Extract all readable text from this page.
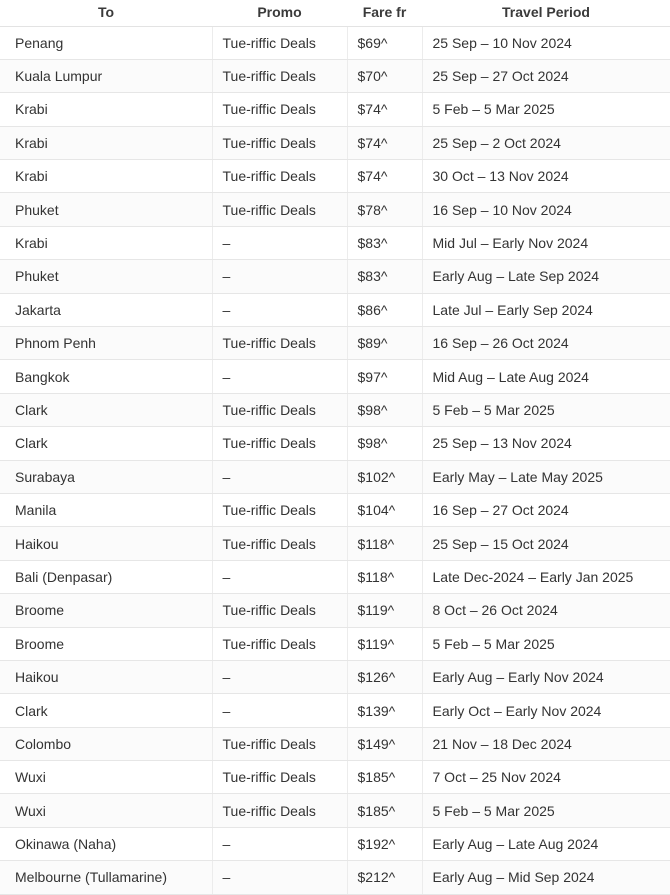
To	Promo	Fare fr	Travel Period
Penang	Tue-riffic Deals	$69^	25 Sep – 10 Nov 2024
Kuala Lumpur	Tue-riffic Deals	$70^	25 Sep – 27 Oct 2024
Krabi	Tue-riffic Deals	$74^	5 Feb – 5 Mar 2025
Krabi	Tue-riffic Deals	$74^	25 Sep – 2 Oct 2024
Krabi	Tue-riffic Deals	$74^	30 Oct – 13 Nov 2024
Phuket	Tue-riffic Deals	$78^	16 Sep – 10 Nov 2024
Krabi	–	$83^	Mid Jul – Early Nov 2024
Phuket	–	$83^	Early Aug – Late Sep 2024
Jakarta	–	$86^	Late Jul – Early Sep 2024
Phnom Penh	Tue-riffic Deals	$89^	16 Sep – 26 Oct 2024
Bangkok	–	$97^	Mid Aug – Late Aug 2024
Clark	Tue-riffic Deals	$98^	5 Feb – 5 Mar 2025
Clark	Tue-riffic Deals	$98^	25 Sep – 13 Nov 2024
Surabaya	–	$102^	Early May – Late May 2025
Manila	Tue-riffic Deals	$104^	16 Sep – 27 Oct 2024
Haikou	Tue-riffic Deals	$118^	25 Sep – 15 Oct 2024
Bali (Denpasar)	–	$118^	Late Dec-2024 – Early Jan 2025
Broome	Tue-riffic Deals	$119^	8 Oct – 26 Oct 2024
Broome	Tue-riffic Deals	$119^	5 Feb – 5 Mar 2025
Haikou	–	$126^	Early Aug – Early Nov 2024
Clark	–	$139^	Early Oct – Early Nov 2024
Colombo	Tue-riffic Deals	$149^	21 Nov – 18 Dec 2024
Wuxi	Tue-riffic Deals	$185^	7 Oct – 25 Nov 2024
Wuxi	Tue-riffic Deals	$185^	5 Feb – 5 Mar 2025
Okinawa (Naha)	–	$192^	Early Aug – Late Aug 2024
Melbourne (Tullamarine)	–	$212^	Early Aug – Mid Sep 2024
